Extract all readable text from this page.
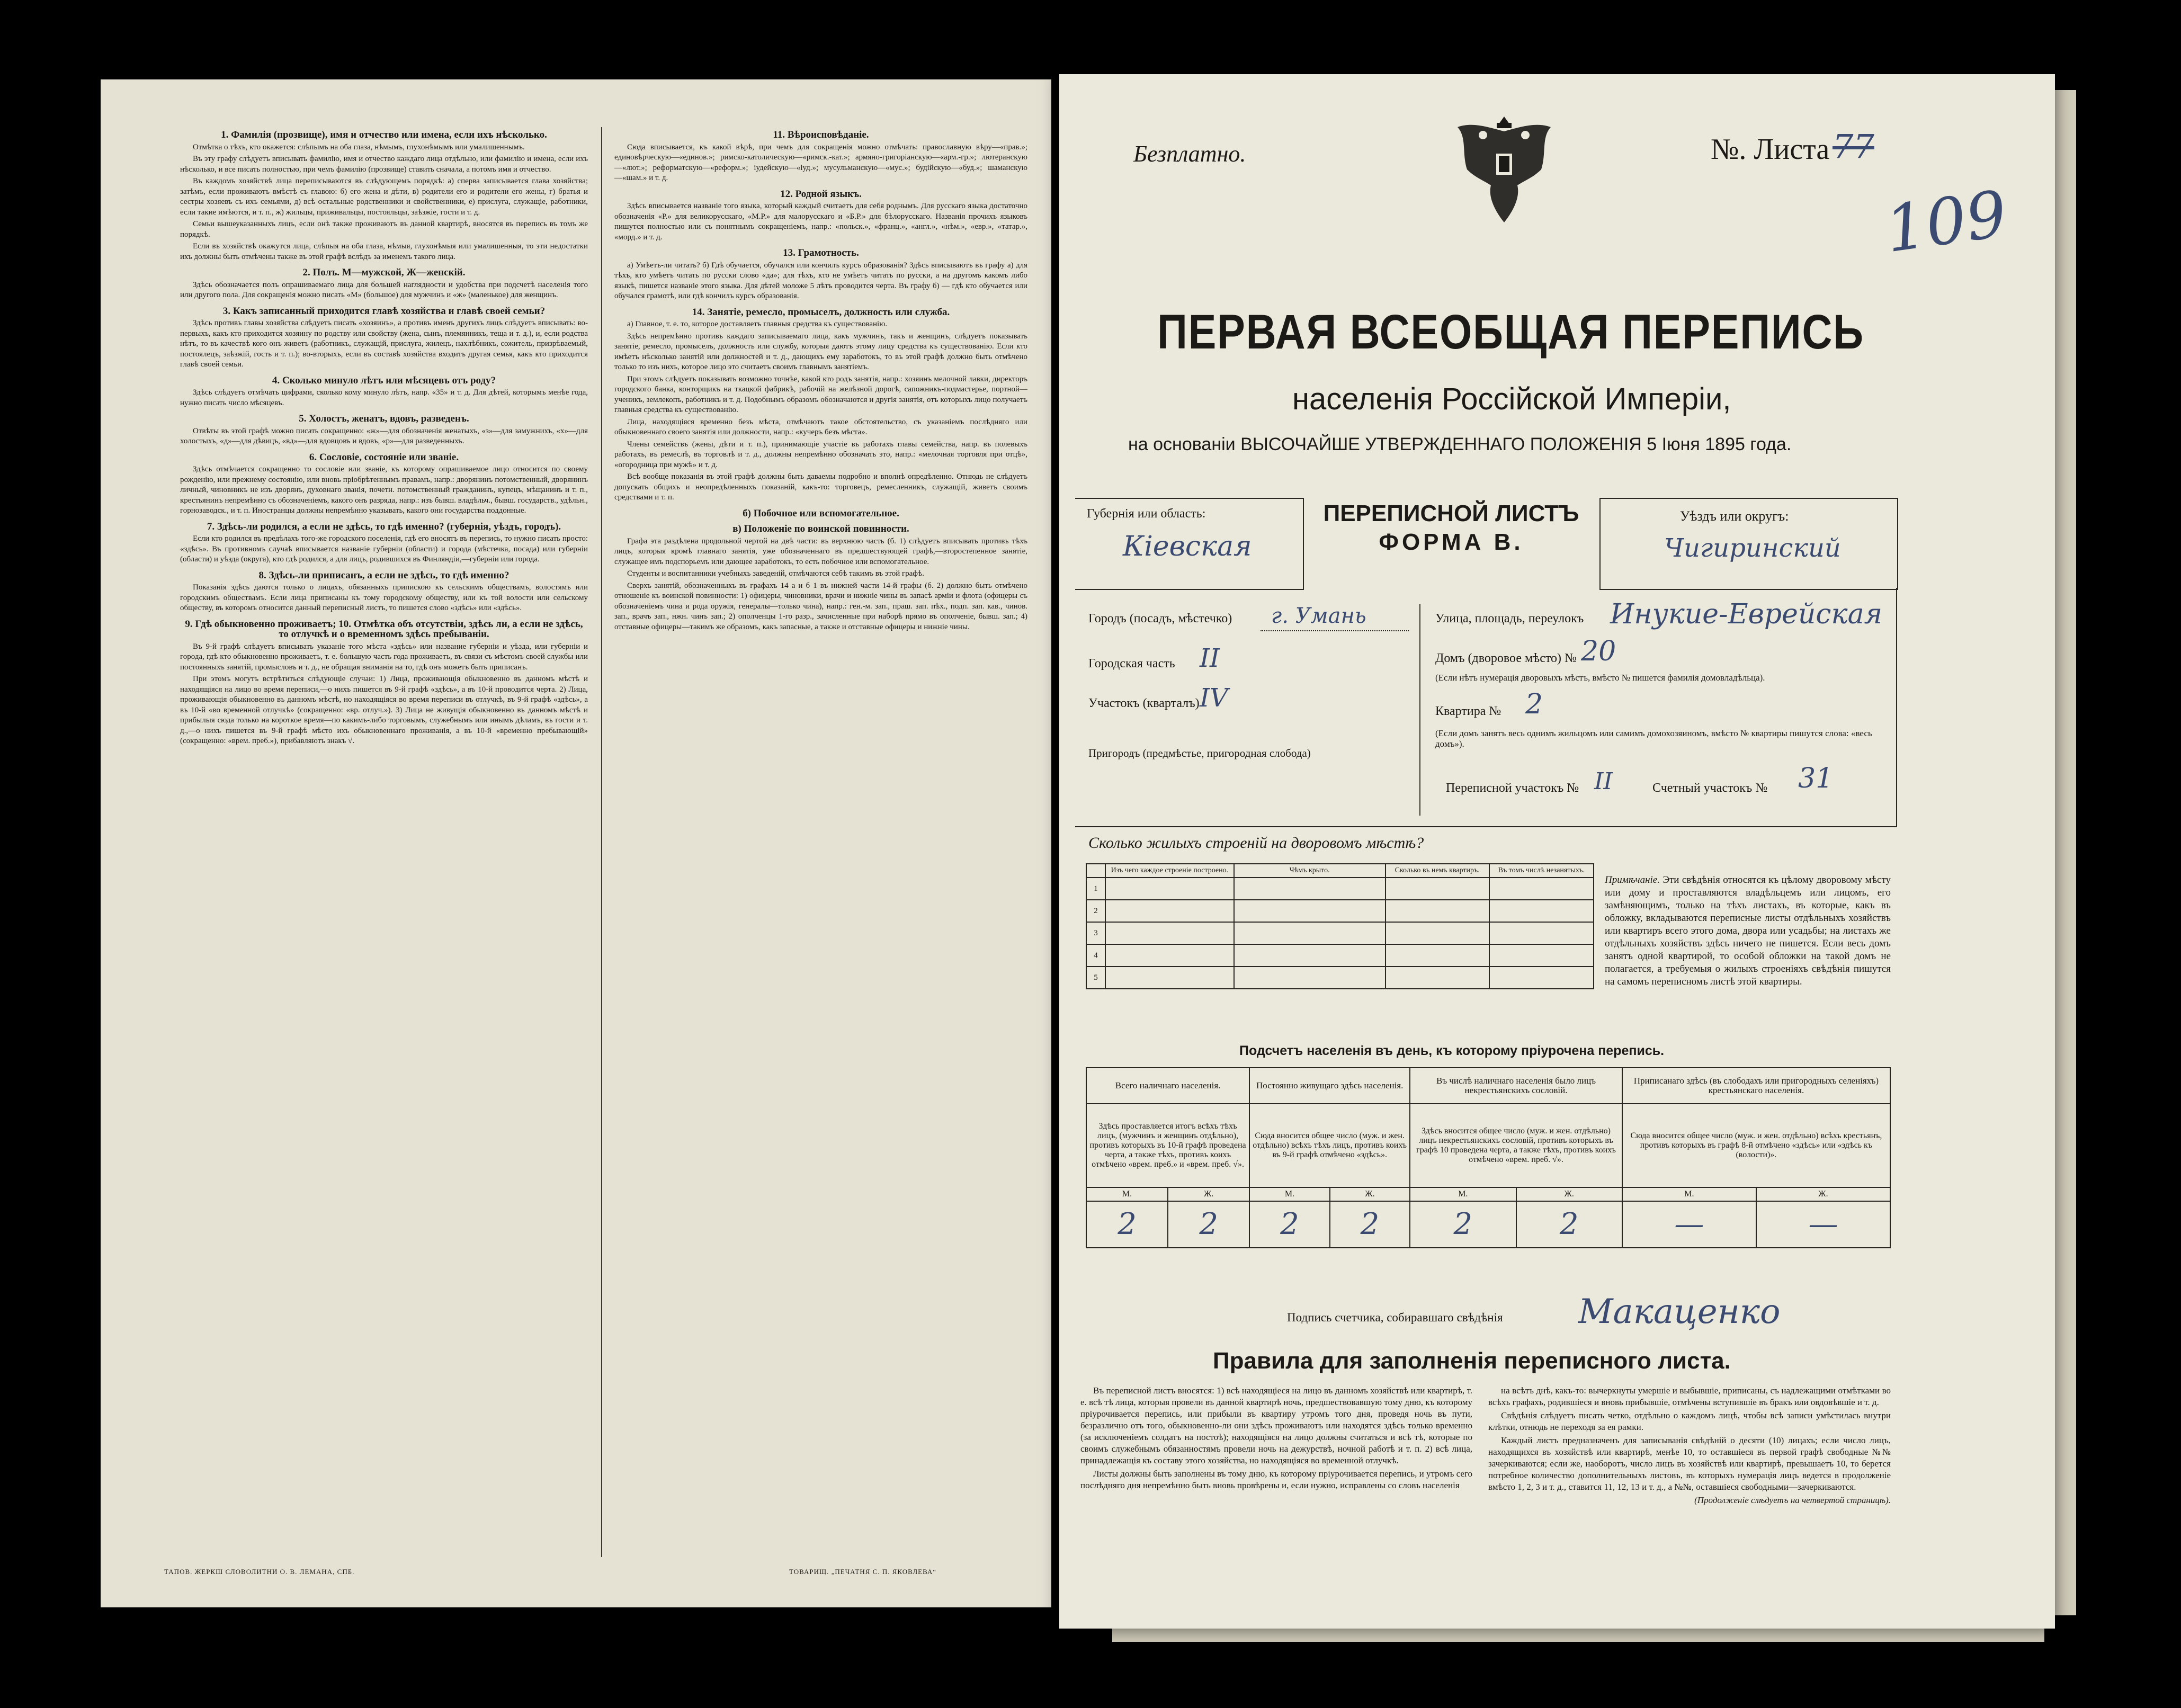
1. Фамилія (прозвище), имя и отчество или имена, если ихъ нѣсколько.

Отмѣтка о тѣхъ, кто окажется: слѣпымъ на оба глаза, нѣмымъ, глухонѣмымъ или умалишеннымъ.

Въ эту графу слѣдуетъ вписывать фамилію, имя и отчество каждаго лица отдѣльно, или фамилію и имена, если ихъ нѣсколько, и все писать полностью, при чемъ фамилію (прозвище) ставить сначала, а потомъ имя и отчество.

Въ каждомъ хозяйствѣ лица переписываются въ слѣдующемъ порядкѣ: а) сперва записывается глава хозяйства; затѣмъ, если проживаютъ вмѣстѣ съ главою: б) его жена и дѣти, в) родители его и родители его жены, г) братья и сестры хозяевъ съ ихъ семьями, д) всѣ остальные родственники и свойственники, е) прислуга, служащіе, работники, если такие имѣются, и т. п., ж) жильцы, приживальцы, постояльцы, заѣзжіе, гости и т. д.

Семьи вышеуказанныхъ лицъ, если онѣ также проживаютъ въ данной квартирѣ, вносятся въ перепись въ томъ же порядкѣ.

Если въ хозяйствѣ окажутся лица, слѣпыя на оба глаза, нѣмыя, глухонѣмыя или умалишенныя, то эти недостатки ихъ должны быть отмѣчены также въ этой графѣ вслѣдъ за именемъ такого лица.

2. Полъ. М—мужской, Ж—женскій.

Здѣсь обозначается полъ опрашиваемаго лица для большей наглядности и удобства при подсчетѣ населенія того или другого пола. Для сокращенія можно писать «М» (большое) для мужчинъ и «ж» (маленькое) для женщинъ.

3. Какъ записанный приходится главѣ хозяйства и главѣ своей семьи?

Здѣсь противъ главы хозяйства слѣдуетъ писать «хозяинъ», а противъ именъ другихъ лицъ слѣдуетъ вписывать: во-первыхъ, какъ кто приходится хозяину по родству или свойству (жена, сынъ, племянникъ, теща и т. д.), и, если родства нѣтъ, то въ качествѣ кого онъ живетъ (работникъ, служащій, прислуга, жилецъ, нахлѣбникъ, сожитель, призрѣваемый, постоялецъ, заѣзжій, гость и т. п.); во-вторыхъ, если въ составѣ хозяйства входитъ другая семья, какъ кто приходится главѣ своей семьи.

4. Сколько минуло лѣтъ или мѣсяцевъ отъ роду?

Здѣсь слѣдуетъ отмѣчать цифрами, сколько кому минуло лѣтъ, напр. «35» и т. д. Для дѣтей, которымъ менѣе года, нужно писать число мѣсяцевъ.

5. Холостъ, женатъ, вдовъ, разведенъ.

Отвѣты въ этой графѣ можно писать сокращенно: «ж»—для обозначенія женатыхъ, «з»—для замужнихъ, «х»—для холостыхъ, «д»—для дѣвицъ, «вд»—для вдовцовъ и вдовъ, «р»—для разведенныхъ.

6. Сословіе, состояніе или званіе.

Здѣсь отмѣчается сокращенно то сословіе или званіе, къ которому опрашиваемое лицо относится по своему рожденію, или прежнему состоянію, или вновь пріобрѣтеннымъ правамъ, напр.: дворянинъ потомственный, дворянинъ личный, чиновникъ не изъ дворянъ, духовнаго званія, почетн. потомственный гражданинъ, купецъ, мѣщанинъ и т. п., крестьянинъ непремѣнно съ обозначеніемъ, какого онъ разряда, напр.: изъ бывш. владѣльч., бывш. государств., удѣльн., горнозаводск., и т. п. Иностранцы должны непремѣнно указывать, какого они государства поддонные.

7. Здѣсь-ли родился, а если не здѣсь, то гдѣ именно? (губернія, уѣздъ, городъ).

Если кто родился въ предѣлахъ того-же городского поселенія, гдѣ его вносятъ въ перепись, то нужно писать просто: «здѣсь». Въ противномъ случаѣ вписывается названіе губерніи (области) и города (мѣстечка, посада) или губерніи (области) и уѣзда (округа), кто гдѣ родился, а для лицъ, родившихся въ Финляндіи,—губерніи или города.

8. Здѣсь-ли приписанъ, а если не здѣсь, то гдѣ именно?

Показанія здѣсь даются только о лицахъ, обязанныхъ припискою къ сельскимъ обществамъ, волостямъ или городскимъ обществамъ. Если лица приписаны къ тому городскому обществу, или къ той волости или сельскому обществу, въ которомъ относится данный переписный листъ, то пишется слово «здѣсь» или «здѣсь».

9. Гдѣ обыкновенно проживаетъ; 10. Отмѣтка объ отсутствіи, здѣсь ли, а если не здѣсь, то отлучкѣ и о временномъ здѣсь пребываніи.

Въ 9-й графѣ слѣдуетъ вписывать указаніе того мѣста «здѣсь» или название губерніи и уѣзда, или губерніи и города, гдѣ кто обыкновенно проживаетъ, т. е. большую часть года проживаетъ, въ связи съ мѣстомъ своей службы или постоянныхъ занятій, промысловъ и т. д., не обращая вниманія на то, гдѣ онъ можетъ быть приписанъ.

При этомъ могутъ встрѣтиться слѣдующіе случаи: 1) Лица, проживающія обыкновенно въ данномъ мѣстѣ и находящіяся на лицо во время переписи,—о нихъ пишется въ 9-й графѣ «здѣсь», а въ 10-й проводится черта. 2) Лица, проживающія обыкновенно въ данномъ мѣстѣ, но находящіяся во время переписи въ отлучкѣ, въ 9-й графѣ «здѣсь», а въ 10-й «во временной отлучкѣ» (сокращенно: «вр. отлуч.»). 3) Лица не живущія обыкновенно въ данномъ мѣстѣ и прибылыя сюда только на короткое время—по какимъ-либо торговымъ, служебнымъ или инымъ дѣламъ, въ гости и т. д.,—о нихъ пишется въ 9-й графѣ мѣсто ихъ обыкновеннаго проживанія, а въ 10-й «временно пребывающій» (сокращенно: «врем. преб.»), прибавляютъ знакъ √.

11. Вѣроисповѣданіе.

Сюда вписывается, къ какой вѣрѣ, при чемъ для сокращенія можно отмѣчать: православную вѣру—«прав.»; единовѣрческую—«единов.»; римско-католическую—«римск.-кат.»; армяно-григоріанскую—«арм.-гр.»; лютеранскую—«лют.»; реформатскую—«реформ.»; іудейскую—«іуд.»; мусульманскую—«мус.»; будійскую—«буд.»; шаманскую—«шам.» и т. д.

12. Родной языкъ.

Здѣсь вписывается названіе того языка, который каждый считаетъ для себя роднымъ. Для русскаго языка достаточно обозначенія «Р.» для великорусскаго, «М.Р.» для малорусскаго и «Б.Р.» для бѣлорусскаго. Названія прочихъ языковъ пишутся полностью или съ понятнымъ сокращеніемъ, напр.: «польск.», «франц.», «англ.», «нѣм.», «евр.», «татар.», «морд.» и т. д.

13. Грамотность.

а) Умѣетъ-ли читать? б) Гдѣ обучается, обучался или кончилъ курсъ образованія? Здѣсь вписываютъ въ графу а) для тѣхъ, кто умѣетъ читать по русски слово «да»; для тѣхъ, кто не умѣетъ читать по русски, а на другомъ какомъ либо языкѣ, пишется названіе этого языка. Для дѣтей моложе 5 лѣтъ проводится черта. Въ графу б) — гдѣ кто обучается или обучался грамотѣ, или гдѣ кончилъ курсъ образованія.

14. Занятіе, ремесло, промыселъ, должность или служба.

а) Главное, т. е. то, которое доставляетъ главныя средства къ существованію.

Здѣсь непремѣнно противъ каждаго записываемаго лица, какъ мужчинъ, такъ и женщинъ, слѣдуетъ показывать занятіе, ремесло, промыселъ, должность или службу, которыя даютъ этому лицу средства къ существованію. Если кто имѣетъ нѣсколько занятій или должностей и т. д., дающихъ ему заработокъ, то въ этой графѣ должно быть отмѣчено только то изъ нихъ, которое лицо это считаетъ своимъ главнымъ занятіемъ.

При этомъ слѣдуетъ показывать возможно точнѣе, какой кто родъ занятія, напр.: хозяинъ мелочной лавки, директоръ городского банка, конторщикъ на ткацкой фабрикѣ, рабочій на желѣзной дорогѣ, сапожникъ-подмастерье, портной—ученикъ, землекопъ, работникъ и т. д. Подобнымъ образомъ обозначаются и другія занятія, отъ которыхъ лицо получаетъ главныя средства къ существованію.

Лица, находящіяся временно безъ мѣста, отмѣчаютъ такое обстоятельство, съ указаніемъ послѣдняго или обыкновеннаго своего занятія или должности, напр.: «кучеръ безъ мѣста».

Члены семействъ (жены, дѣти и т. п.), принимающіе участіе въ работахъ главы семейства, напр. въ полевыхъ работахъ, въ ремеслѣ, въ торговлѣ и т. д., должны непремѣнно обозначать это, напр.: «мелочная торговля при отцѣ», «огородница при мужѣ» и т. д.

Всѣ вообще показанія въ этой графѣ должны быть даваемы подробно и вполнѣ опредѣленно. Отнюдь не слѣдуетъ допускать общихъ и неопредѣленныхъ показаній, какъ-то: торговецъ, ремесленникъ, служащій, живетъ своимъ средствами и т. п.

б) Побочное или вспомогательное.
в) Положеніе по воинской повинности.

Графа эта раздѣлена продольной чертой на двѣ части: въ верхнюю часть (б. 1) слѣдуетъ вписывать противъ тѣхъ лицъ, которыя кромѣ главнаго занятія, уже обозначеннаго въ предшествующей графѣ,—второстепенное занятіе, служащее имъ подспорьемъ или дающее заработокъ, то есть побочное или вспомогательное.

Студенты и воспитанники учебныхъ заведеній, отмѣчаются себѣ такимъ въ этой графѣ.

Сверхъ занятій, обозначенныхъ въ графахъ 14 а и б 1 въ нижней части 14-й графы (б. 2) должно быть отмѣчено отношеніе къ воинской повинности: 1) офицеры, чиновники, врачи и нижніе чины въ запасѣ арміи и флота (офицеры съ обозначеніемъ чина и рода оружія, генералы—только чина), напр.: ген.-м. зап., праш. зап. пѣх., подп. зап. кав., чинов. зап., врачъ зап., нжн. чинъ зап.; 2) ополченцы 1-го разр., зачисленные при наборѣ прямо въ ополченіе, бывш. зап.; 4) отставные офицеры—такимъ же образомъ, какъ запасные, а также и отставные офицеры и нижніе чины.

ТАПОВ. ЖЕРКШ СЛОВОЛИТНИ О. В. ЛЕМАНА, СПБ.	ТОВАРИЩ. „ПЕЧАТНЯ С. П. ЯКОВЛЕВА“
Безплатно.	№. Листа 77
109
ПЕРВАЯ ВСЕОБЩАЯ ПЕРЕПИСЬ
населенія Россійской Имперіи,
на основаніи ВЫСОЧАЙШЕ УТВЕРЖДЕННАГО ПОЛОЖЕНІЯ 5 Іюня 1895 года.
Губернія или область:
Кіевская
ПЕРЕПИСНОЙ ЛИСТЪ
ФОРМА В.
Уѣздъ или округъ:
Чигиринский
Городъ (посадъ, мѣстечко) г. Умань	Улица, площадь, переулокъ Инукие-Еврейская
Городская часть II	Домъ (дворовое мѣсто) № 20
(Если нѣтъ нумерація дворовыхъ мѣстъ, вмѣсто № пишется фамилія домовладѣльца).
Участокъ (кварталъ) IV	Квартира № 2
(Если домъ занятъ весь однимъ жильцомъ или самимъ домохозяиномъ, вмѣсто № квартиры пишутся слова: «весь домъ»).
Пригородъ (предмѣстье, пригородная слобода)
Переписной участокъ № II	Счетный участокъ № 31
Сколько жилыхъ строеній на дворовомъ мѣстѣ?
	Изъ чего каждое строеніе построено.	Чѣмъ крыто.	Сколько въ немъ квартиръ.	Въ томъ числѣ незанятыхъ.
1				
2				
3				
4				
5				
Примѣчаніе. Эти свѣдѣнія относятся къ цѣлому дворовому мѣсту или дому и проставляются владѣльцемъ или лицомъ, его замѣняющимъ, только на тѣхъ листахъ, въ которые, какъ въ обложку, вкладываются переписные листы отдѣльныхъ хозяйствъ или квартиръ всего этого дома, двора или усадьбы; на листахъ же отдѣльныхъ хозяйствъ здѣсь ничего не пишется. Если весь домъ занятъ одной квартирой, то особой обложки на такой домъ не полагается, а требуемыя о жилыхъ строеніяхъ свѣдѣнія пишутся на самомъ переписномъ листѣ этой квартиры.
Подсчетъ населенія въ день, къ которому пріурочена перепись.
Всего наличнаго населенія.		Постоянно живущаго здѣсь населенія.		Въ числѣ наличнаго населенія было лицъ некрестьянскихъ сословій.		Приписанаго здѣсь (въ слободахъ или пригородныхъ селеніяхъ) крестьянскаго населенія.	
Здѣсь проставляется итогъ всѣхъ тѣхъ лицъ, (мужчинъ и женщинъ отдѣльно), противъ которыхъ въ 10-й графѣ проведена черта, а также тѣхъ, противъ коихъ отмѣчено «врем. преб.» и «врем. преб. √».		Сюда вносится общее число (муж. и жен. отдѣльно) всѣхъ тѣхъ лицъ, противъ коихъ въ 9-й графѣ отмѣчено «здѣсь».		Здѣсь вносится общее число (муж. и жен. отдѣльно) лицъ некрестьянскихъ сословій, противъ которыхъ въ графѣ 10 проведена черта, а также тѣхъ, противъ коихъ отмѣчено «врем. преб. √».		Сюда вносится общее число (муж. и жен. отдѣльно) всѣхъ крестьянъ, противъ которыхъ въ графѣ 8-й отмѣчено «здѣсь» или «здѣсь къ (волости)».	
М.	Ж.	М.	Ж.	М.	Ж.	М.	Ж.
2	2	2	2	2	2	—	—
Подпись счетчика, собиравшаго свѣдѣнія Макаценко
Правила для заполненія переписного листа.

Въ переписной листъ вносятся: 1) всѣ находящіеся на лицо въ данномъ хозяйствѣ или квартирѣ, т. е. всѣ тѣ лица, которыя провели въ данной квартирѣ ночь, предшествовавшую тому дню, къ которому пріурочивается перепись, или прибыли въ квартиру утромъ того дня, проведя ночь въ пути, безразлично отъ того, обыкновенно-ли они здѣсь проживаютъ или находятся здѣсь только временно (за исключеніемъ солдатъ на постоѣ); находящіяся на лицо должны считаться и всѣ тѣ, которые по своимъ служебнымъ обязанностямъ провели ночь на дежурствѣ, ночной работѣ и т. п. 2) всѣ лица, принадлежащія къ составу этого хозяйства, но находящіяся во временной отлучкѣ.

Листы должны быть заполнены въ тому дню, къ которому пріурочивается перепись, и утромъ сего послѣдняго дня непремѣнно быть вновь провѣрены и, если нужно, исправлены со словъ населенія

на всѣтъ днѣ, какъ-то: вычеркнуты умершіе и выбывшіе, приписаны, съ надлежащими отмѣтками во всѣхъ графахъ, родившіеся и вновь прибывшіе, отмѣчены вступившіе въ бракъ или овдовѣвшіе и т. д.

Свѣдѣнія слѣдуетъ писать четко, отдѣльно о каждомъ лицѣ, чтобы всѣ записи умѣстилась внутри клѣтки, отнюдь не переходя за ея рамки.

Каждый листъ предназначенъ для записыванія свѣдѣній о десяти (10) лицахъ; если число лицъ, находящихся въ хозяйствѣ или квартирѣ, менѣе 10, то оставшіеся въ первой графѣ свободные №№ зачеркиваются; если же, наоборотъ, число лицъ въ хозяйствѣ или квартирѣ, превышаетъ 10, то берется потребное количество дополнительныхъ листовъ, въ которыхъ нумерація лицъ ведется в продолженіе вмѣсто 1, 2, 3 и т. д., ставится 11, 12, 13 и т. д., а №№, оставшіеся свободными—зачеркиваются.

(Продолженіе слѣдуетъ на четвертой страницѣ).
